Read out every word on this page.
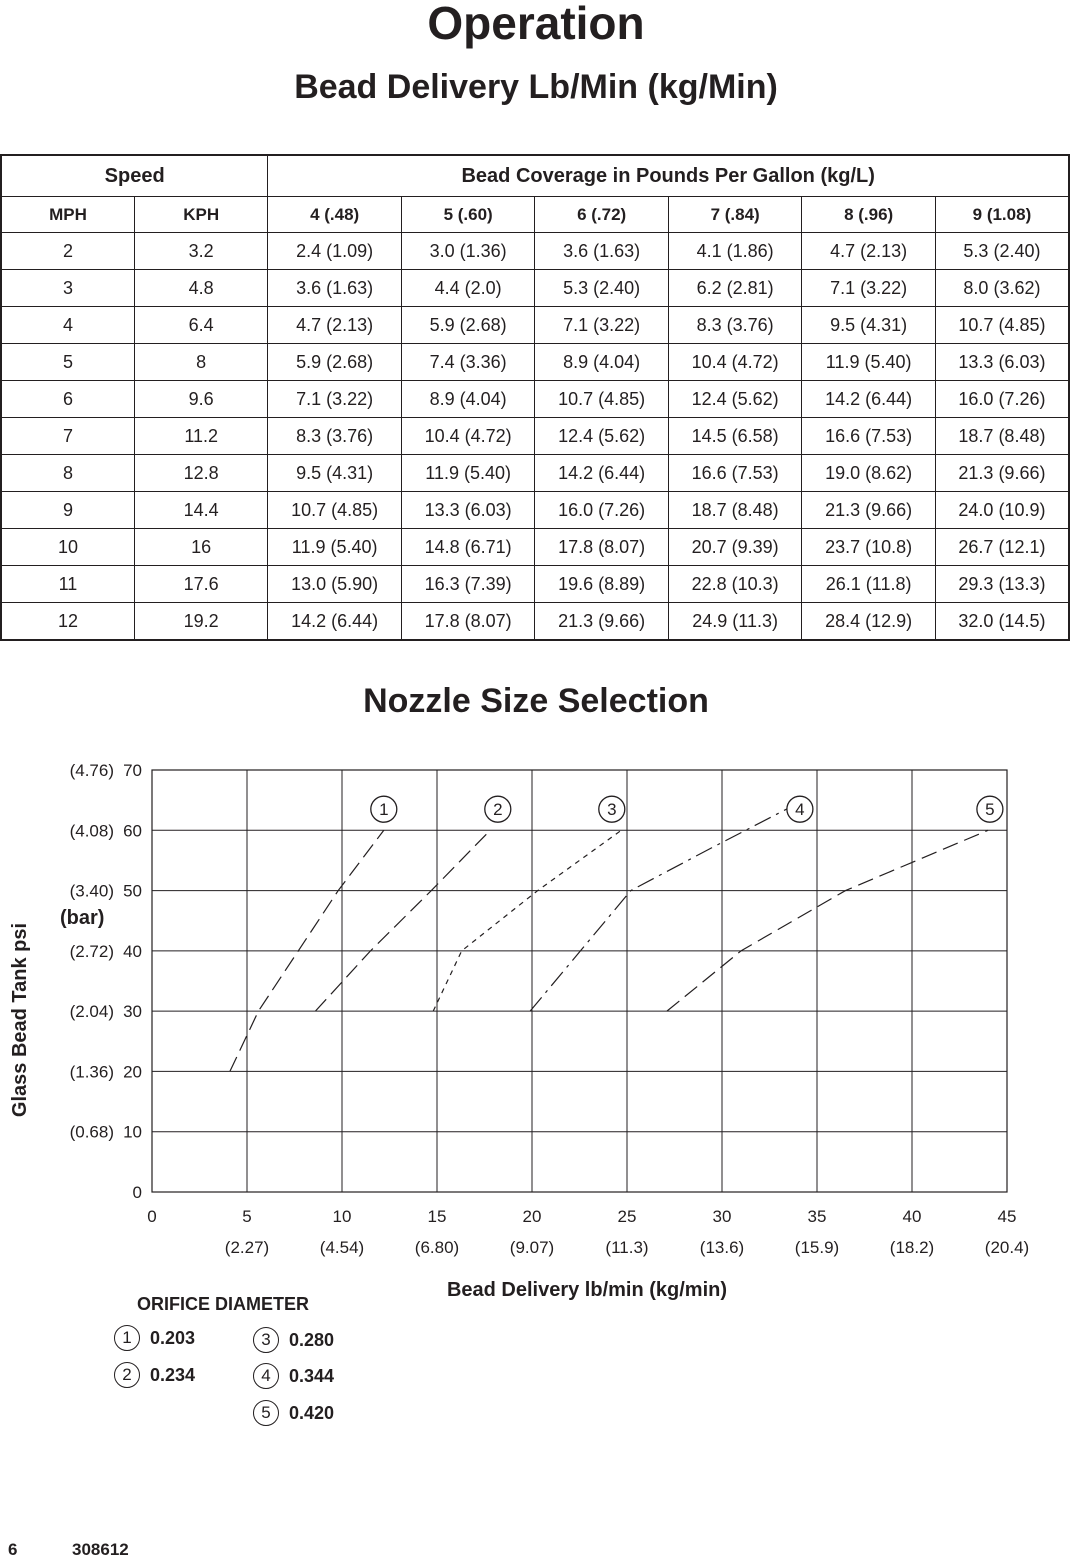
Operation
Bead Delivery Lb/Min (kg/Min)
Speed		Bead Coverage in Pounds Per Gallon (kg/L)					
MPH	KPH	4 (.48)	5 (.60)	6 (.72)	7 (.84)	8 (.96)	9 (1.08)
2	3.2	2.4 (1.09)	3.0 (1.36)	3.6 (1.63)	4.1 (1.86)	4.7 (2.13)	5.3 (2.40)
3	4.8	3.6 (1.63)	4.4 (2.0)	5.3 (2.40)	6.2 (2.81)	7.1 (3.22)	8.0 (3.62)
4	6.4	4.7 (2.13)	5.9 (2.68)	7.1 (3.22)	8.3 (3.76)	9.5 (4.31)	10.7 (4.85)
5	8	5.9 (2.68)	7.4 (3.36)	8.9 (4.04)	10.4 (4.72)	11.9 (5.40)	13.3 (6.03)
6	9.6	7.1 (3.22)	8.9 (4.04)	10.7 (4.85)	12.4 (5.62)	14.2 (6.44)	16.0 (7.26)
7	11.2	8.3 (3.76)	10.4 (4.72)	12.4 (5.62)	14.5 (6.58)	16.6 (7.53)	18.7 (8.48)
8	12.8	9.5 (4.31)	11.9 (5.40)	14.2 (6.44)	16.6 (7.53)	19.0 (8.62)	21.3 (9.66)
9	14.4	10.7 (4.85)	13.3 (6.03)	16.0 (7.26)	18.7 (8.48)	21.3 (9.66)	24.0 (10.9)
10	16	11.9 (5.40)	14.8 (6.71)	17.8 (8.07)	20.7 (9.39)	23.7 (10.8)	26.7 (12.1)
11	17.6	13.0 (5.90)	16.3 (7.39)	19.6 (8.89)	22.8 (10.3)	26.1 (11.8)	29.3 (13.3)
12	19.2	14.2 (6.44)	17.8 (8.07)	21.3 (9.66)	24.9 (11.3)	28.4 (12.9)	32.0 (14.5)
Nozzle Size Selection
0
10
(0.68)
20
(1.36)
30
(2.04)
40
(2.72)
50
(3.40)
60
(4.08)
70
(4.76)
0	5
(2.27)
10
(4.54)
15
(6.80)
20
(9.07)
25
(11.3)
30
(13.6)
35
(15.9)
40
(18.2)
45
(20.4)
Bead Delivery lb/min (kg/min)
Glass Bead Tank psi
(bar)
1	2	3	4	5
ORIFICE DIAMETER
1	0.203
2	0.234
3	0.280
4	0.344
5	0.420
6	308612
